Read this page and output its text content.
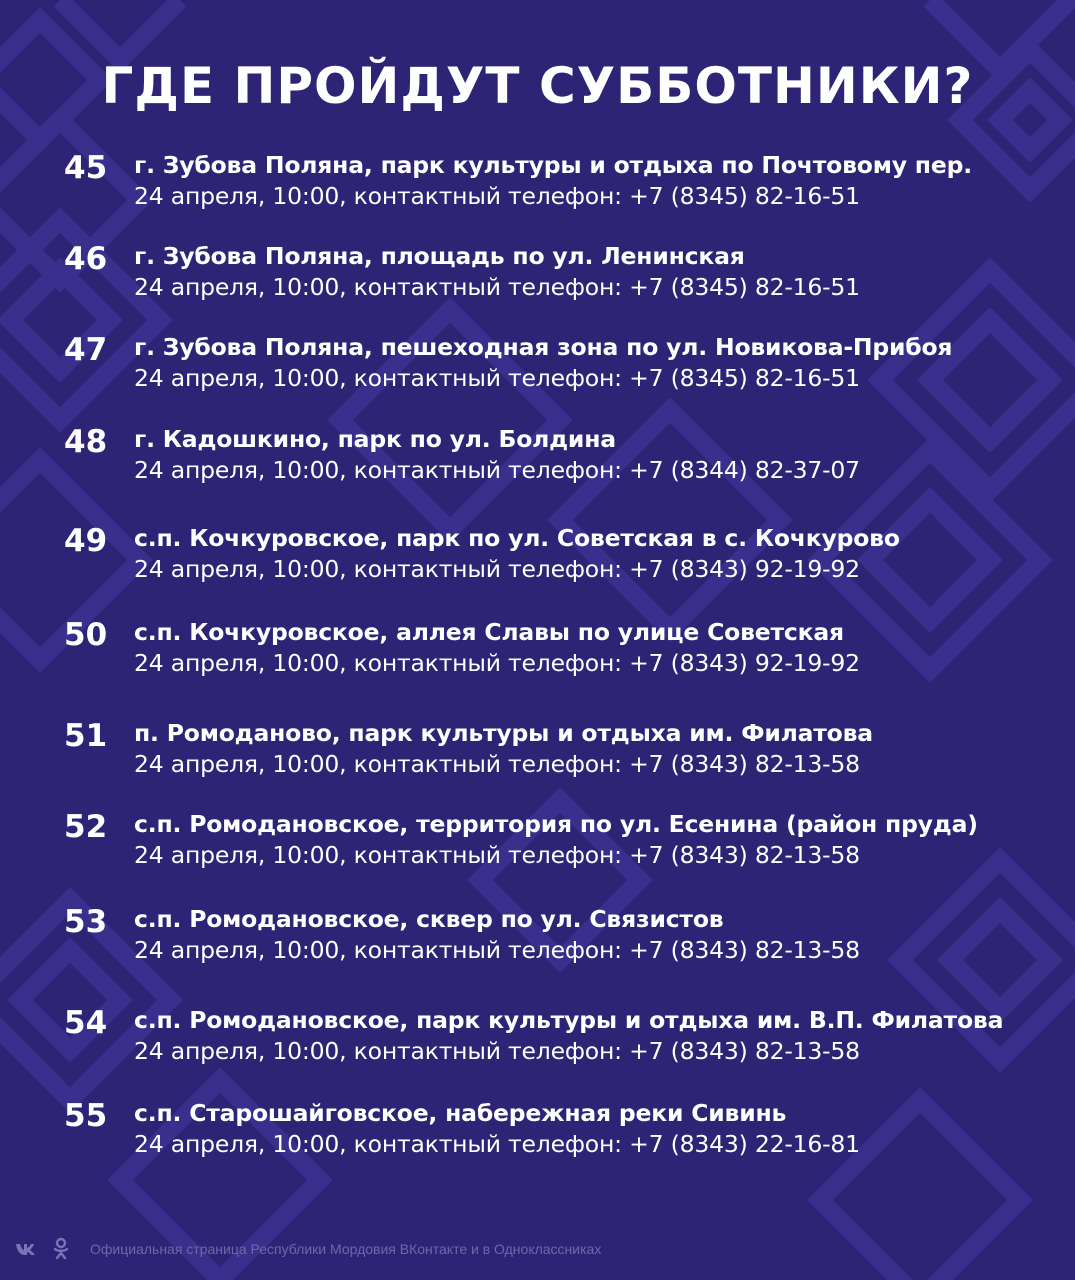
ГДЕ ПРОЙДУТ СУББОТНИКИ?
45	г. Зубова Поляна, парк культуры и отдыха по Почтовому пер.
24 апреля, 10:00, контактный телефон: +7 (8345) 82-16-51
46	г. Зубова Поляна, площадь по ул. Ленинская
24 апреля, 10:00, контактный телефон: +7 (8345) 82-16-51
47	г. Зубова Поляна, пешеходная зона по ул. Новикова-Прибоя
24 апреля, 10:00, контактный телефон: +7 (8345) 82-16-51
48	г. Кадошкино, парк по ул. Болдина
24 апреля, 10:00, контактный телефон: +7 (8344) 82-37-07
49	с.п. Кочкуровское, парк по ул. Советская в с. Кочкурово
24 апреля, 10:00, контактный телефон: +7 (8343) 92-19-92
50	с.п. Кочкуровское, аллея Славы по улице Советская
24 апреля, 10:00, контактный телефон: +7 (8343) 92-19-92
51	п. Ромоданово, парк культуры и отдыха им. Филатова
24 апреля, 10:00, контактный телефон: +7 (8343) 82-13-58
52	с.п. Ромодановское, территория по ул. Есенина (район пруда)
24 апреля, 10:00, контактный телефон: +7 (8343) 82-13-58
53	с.п. Ромодановское, сквер по ул. Связистов
24 апреля, 10:00, контактный телефон: +7 (8343) 82-13-58
54	с.п. Ромодановское, парк культуры и отдыха им. В.П. Филатова
24 апреля, 10:00, контактный телефон: +7 (8343) 82-13-58
55	с.п. Старошайговское, набережная реки Сивинь
24 апреля, 10:00, контактный телефон: +7 (8343) 22-16-81
Официальная страница Республики Мордовия ВКонтакте и в Одноклассниках
